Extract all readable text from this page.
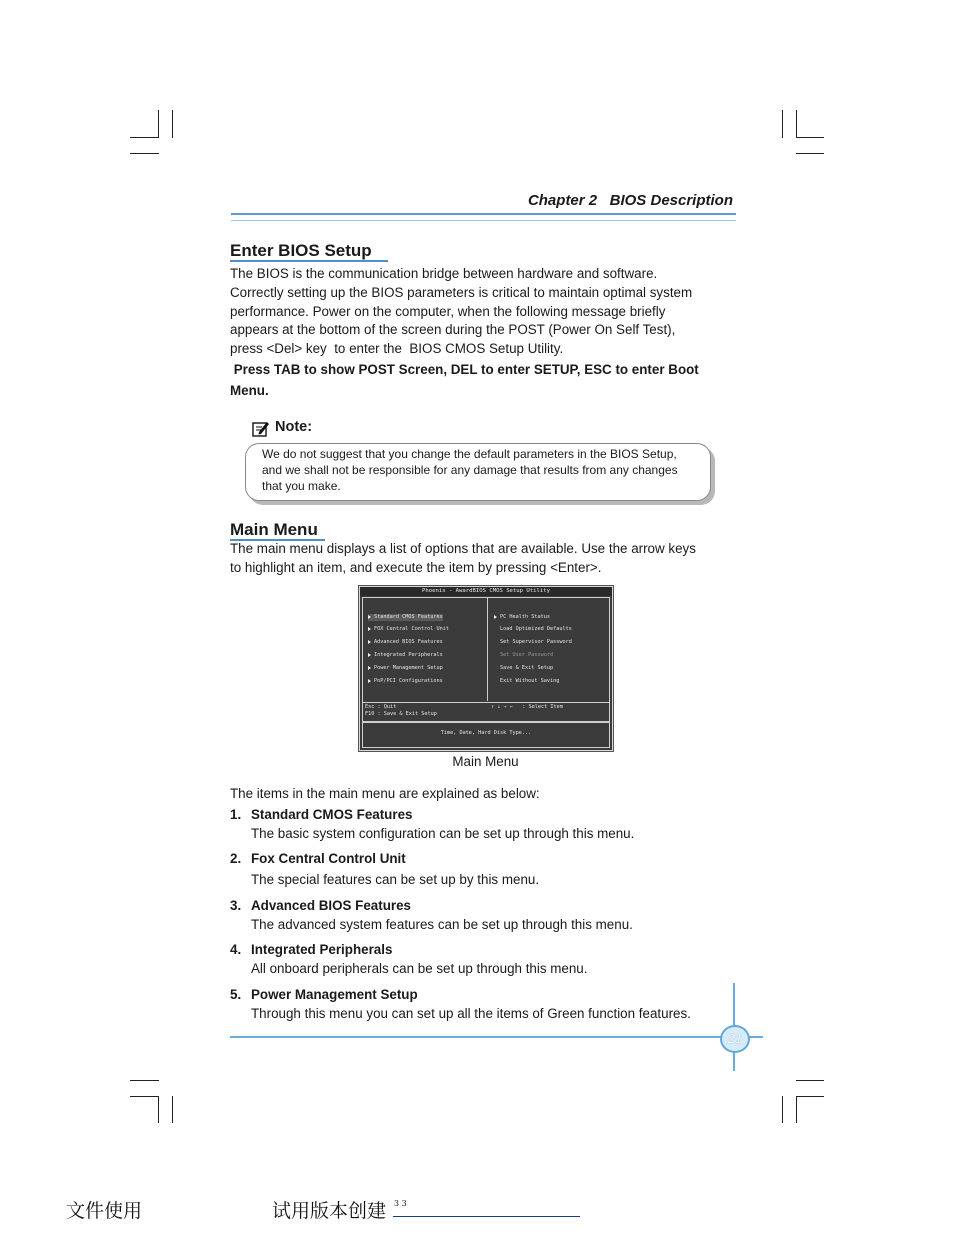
Chapter 2 BIOS Description
Enter BIOS Setup
The BIOS is the communication bridge between hardware and software.
Correctly setting up the BIOS parameters is critical to maintain optimal system
performance. Power on the computer, when the following message briefly
appears at the bottom of the screen during the POST (Power On Self Test),
press <Del> key  to enter the  BIOS CMOS Setup Utility.
Press TAB to show POST Screen, DEL to enter SETUP, ESC to enter Boot
Menu.
Note:
We do not suggest that you change the default parameters in the BIOS Setup,
and we shall not be responsible for any damage that results from any changes
that you make.
Main Menu
The main menu displays a list of options that are available. Use the arrow keys
to highlight an item, and execute the item by pressing <Enter>.
Phoenix - AwardBIOS CMOS Setup Utility
Standard CMOS Features
FOX Central Control Unit
Advanced BIOS Features
Integrated Peripherals
Power Management Setup
PnP/PCI Configurations
PC Health Status
Load Optimized Defaults
Set Supervisor Password
Set User Password
Save & Exit Setup
Exit Without Saving
Esc : Quit	↑ ↓ → ←   : Select Item
F10 : Save & Exit Setup
Time, Date, Hard Disk Type...
Main Menu
The items in the main menu are explained as below:
1. Standard CMOS Features
The basic system configuration can be set up through this menu.
2. Fox Central Control Unit
The special features can be set up by this menu.
3. Advanced BIOS Features
The advanced system features can be set up through this menu.
4. Integrated Peripherals
All onboard peripherals can be set up through this menu.
5. Power Management Setup
Through this menu you can set up all the items of Green function features.
21
文件使用	试用版本创建 3 3
